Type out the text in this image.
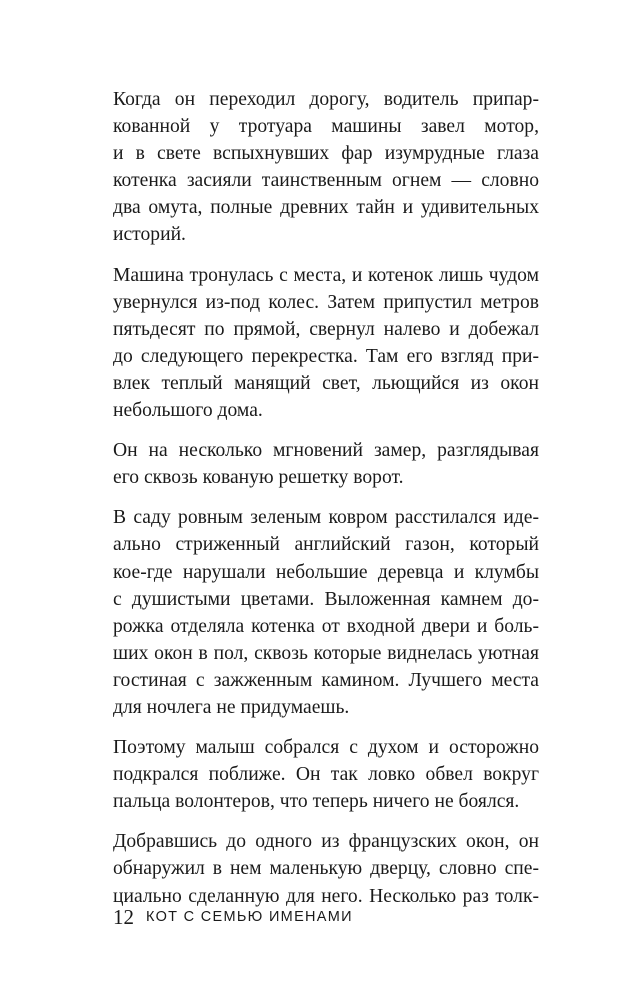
Когда он переходил дорогу, водитель припар-
кованной у тротуара машины завел мотор,
и в свете вспыхнувших фар изумрудные глаза
котенка засияли таинственным огнем — словно
два омута, полные древних тайн и удивительных
историй.

Машина тронулась с места, и котенок лишь чудом
увернулся из-под колес. Затем припустил метров
пятьдесят по прямой, свернул налево и добежал
до следующего перекрестка. Там его взгляд при-
влек теплый манящий свет, льющийся из окон
небольшого дома.

Он на несколько мгновений замер, разглядывая
его сквозь кованую решетку ворот.

В саду ровным зеленым ковром расстилался иде-
ально стриженный английский газон, который
кое-где нарушали небольшие деревца и клумбы
с душистыми цветами. Выложенная камнем до-
рожка отделяла котенка от входной двери и боль-
ших окон в пол, сквозь которые виднелась уютная
гостиная с зажженным камином. Лучшего места
для ночлега не придумаешь.

Поэтому малыш собрался с духом и осторожно
подкрался поближе. Он так ловко обвел вокруг
пальца волонтеров, что теперь ничего не боялся.

Добравшись до одного из французских окон, он
обнаружил в нем маленькую дверцу, словно спе-
циально сделанную для него. Несколько раз толк-

12 КОТ С СЕМЬЮ ИМЕНАМИ
